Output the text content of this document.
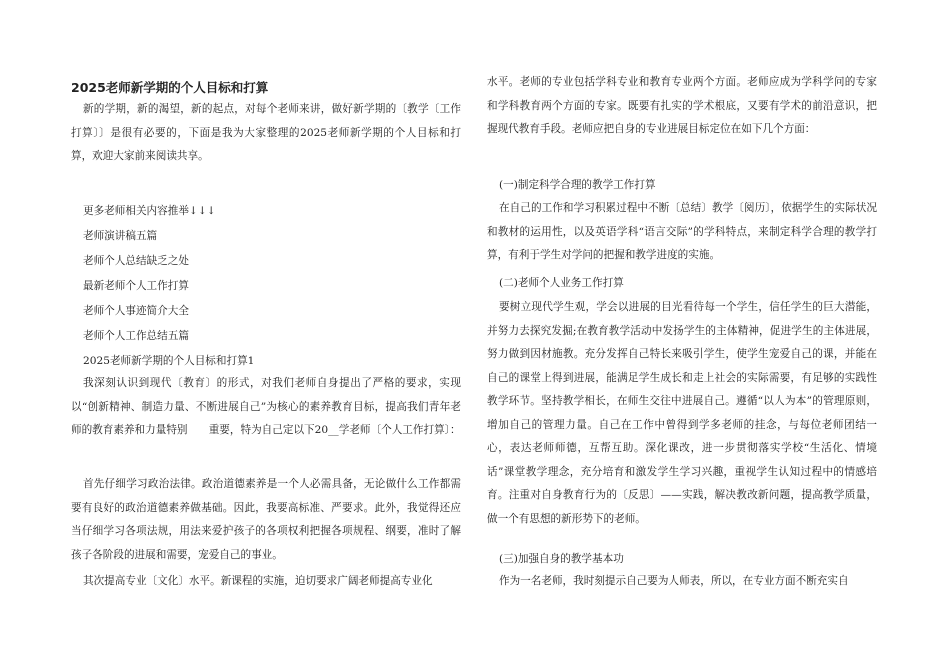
2025老师新学期的个人目标和打算

新的学期，新的渴望，新的起点，对每个老师来讲，做好新学期的〔教学〔工作打算〕〕是很有必要的，下面是我为大家整理的2025老师新学期的个人目标和打算，欢迎大家前来阅读共享。

更多老师相关内容推举↓↓↓
老师演讲稿五篇
老师个人总结缺乏之处
最新老师个人工作打算
老师个人事迹简介大全
老师个人工作总结五篇
2025老师新学期的个人目标和打算1

我深刻认识到现代〔教育〕的形式，对我们老师自身提出了严格的要求，实现以“创新精神、制造力量、不断进展自己”为核心的素养教育目标，提高我们青年老师的教育素养和力量特别　　重要，特为自己定以下20__学老师〔个人工作打算〕：

首先仔细学习政治法律。政治道德素养是一个人必需具备，无论做什么工作都需要有良好的政治道德素养做基础。因此，我要高标准、严要求。此外，我觉得还应当仔细学习各项法规，用法来爱护孩子的各项权利把握各项规程、纲要，准时了解孩子各阶段的进展和需要，宠爱自己的事业。

其次提高专业〔文化〕水平。新课程的实施，迫切要求广阔老师提高专业化

水平。老师的专业包括学科专业和教育专业两个方面。老师应成为学科学问的专家和学科教育两个方面的专家。既要有扎实的学术根底，又要有学术的前沿意识，把握现代教育手段。老师应把自身的专业进展目标定位在如下几个方面：

(一)制定科学合理的教学工作打算

在自己的工作和学习积累过程中不断〔总结〕教学〔阅历〕，依据学生的实际状况和教材的运用性，以及英语学科“语言交际”的学科特点，来制定科学合理的教学打算，有利于学生对学问的把握和教学进度的实施。

(二)老师个人业务工作打算

要树立现代学生观，学会以进展的目光看待每一个学生，信任学生的巨大潜能，并努力去探究发掘;在教育教学活动中发扬学生的主体精神，促进学生的主体进展，努力做到因材施教。充分发挥自己特长来吸引学生，使学生宠爱自己的课，并能在自己的课堂上得到进展，能满足学生成长和走上社会的实际需要，有足够的实践性教学环节。坚持教学相长，在师生交往中进展自己。遵循“以人为本”的管理原则，增加自己的管理力量。自己在工作中曾得到学多老师的挂念，与每位老师团结一心，表达老师师德，互帮互助。深化课改，进一步贯彻落实学校“生活化、情境话”课堂教学理念，充分培育和激发学生学习兴趣，重视学生认知过程中的情感培育。注重对自身教育行为的〔反思〕——实践，解决教改新问题，提高教学质量，做一个有思想的新形势下的老师。

(三)加强自身的教学基本功

作为一名老师，我时刻提示自己要为人师表，所以，在专业方面不断充实自
